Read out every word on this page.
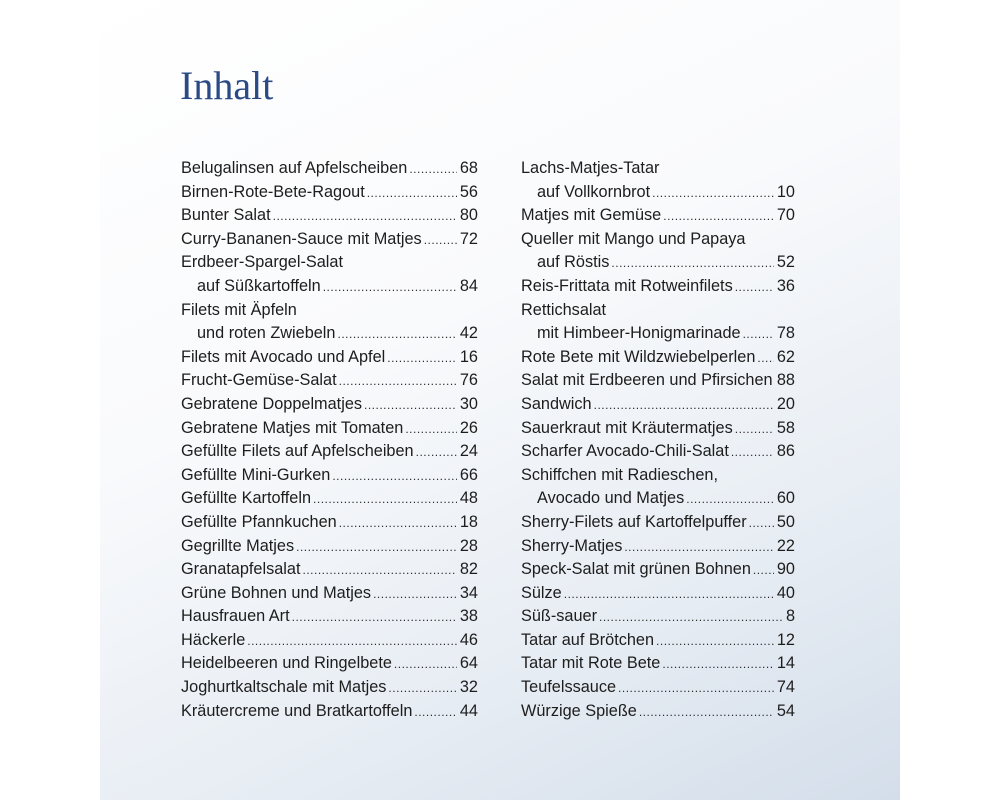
Inhalt
Belugalinsen auf Apfelscheiben .....	68
Birnen-Rote-Bete-Ragout .....	56
Bunter Salat .....	80
Curry-Bananen-Sauce mit Matjes ..... 72
Erdbeer-Spargel-Salat
auf Süßkartoffeln .....	84
Filets mit Äpfeln
und roten Zwiebeln .....	42
Filets mit Avocado und Apfel .....	16
Frucht-Gemüse-Salat .....	76
Gebratene Doppelmatjes .....	30
Gebratene Matjes mit Tomaten .....	26
Gefüllte Filets auf Apfelscheiben .....	24
Gefüllte Mini-Gurken .....	66
Gefüllte Kartoffeln .....	48
Gefüllte Pfannkuchen .....	18
Gegrillte Matjes .....	28
Granatapfelsalat .....	82
Grüne Bohnen und Matjes .....	34
Hausfrauen Art .....	38
Häckerle .....	46
Heidelbeeren und Ringelbete .....	64
Joghurtkaltschale mit Matjes .....	32
Kräutercreme und Bratkartoffeln .....	44
Lachs-Matjes-Tatar
auf Vollkornbrot .....	10
Matjes mit Gemüse .....	70
Queller mit Mango und Papaya
auf Röstis .....	52
Reis-Frittata mit Rotweinfilets .....	36
Rettichsalat
mit Himbeer-Honigmarinade ..... 78
Rote Bete mit Wildzwiebelperlen ..... 62
Salat mit Erdbeeren und Pfirsichen 88
Sandwich .....	20
Sauerkraut mit Kräutermatjes .....	58
Scharfer Avocado-Chili-Salat .....	86
Schiffchen mit Radieschen,
Avocado und Matjes .....	60
Sherry-Filets auf Kartoffelpuffer ..... 50
Sherry-Matjes .....	22
Speck-Salat mit grünen Bohnen ..... 90
Sülze .....	40
Süß-sauer .....	8
Tatar auf Brötchen .....	12
Tatar mit Rote Bete .....	14
Teufelssauce .....	74
Würzige Spieße .....	54
